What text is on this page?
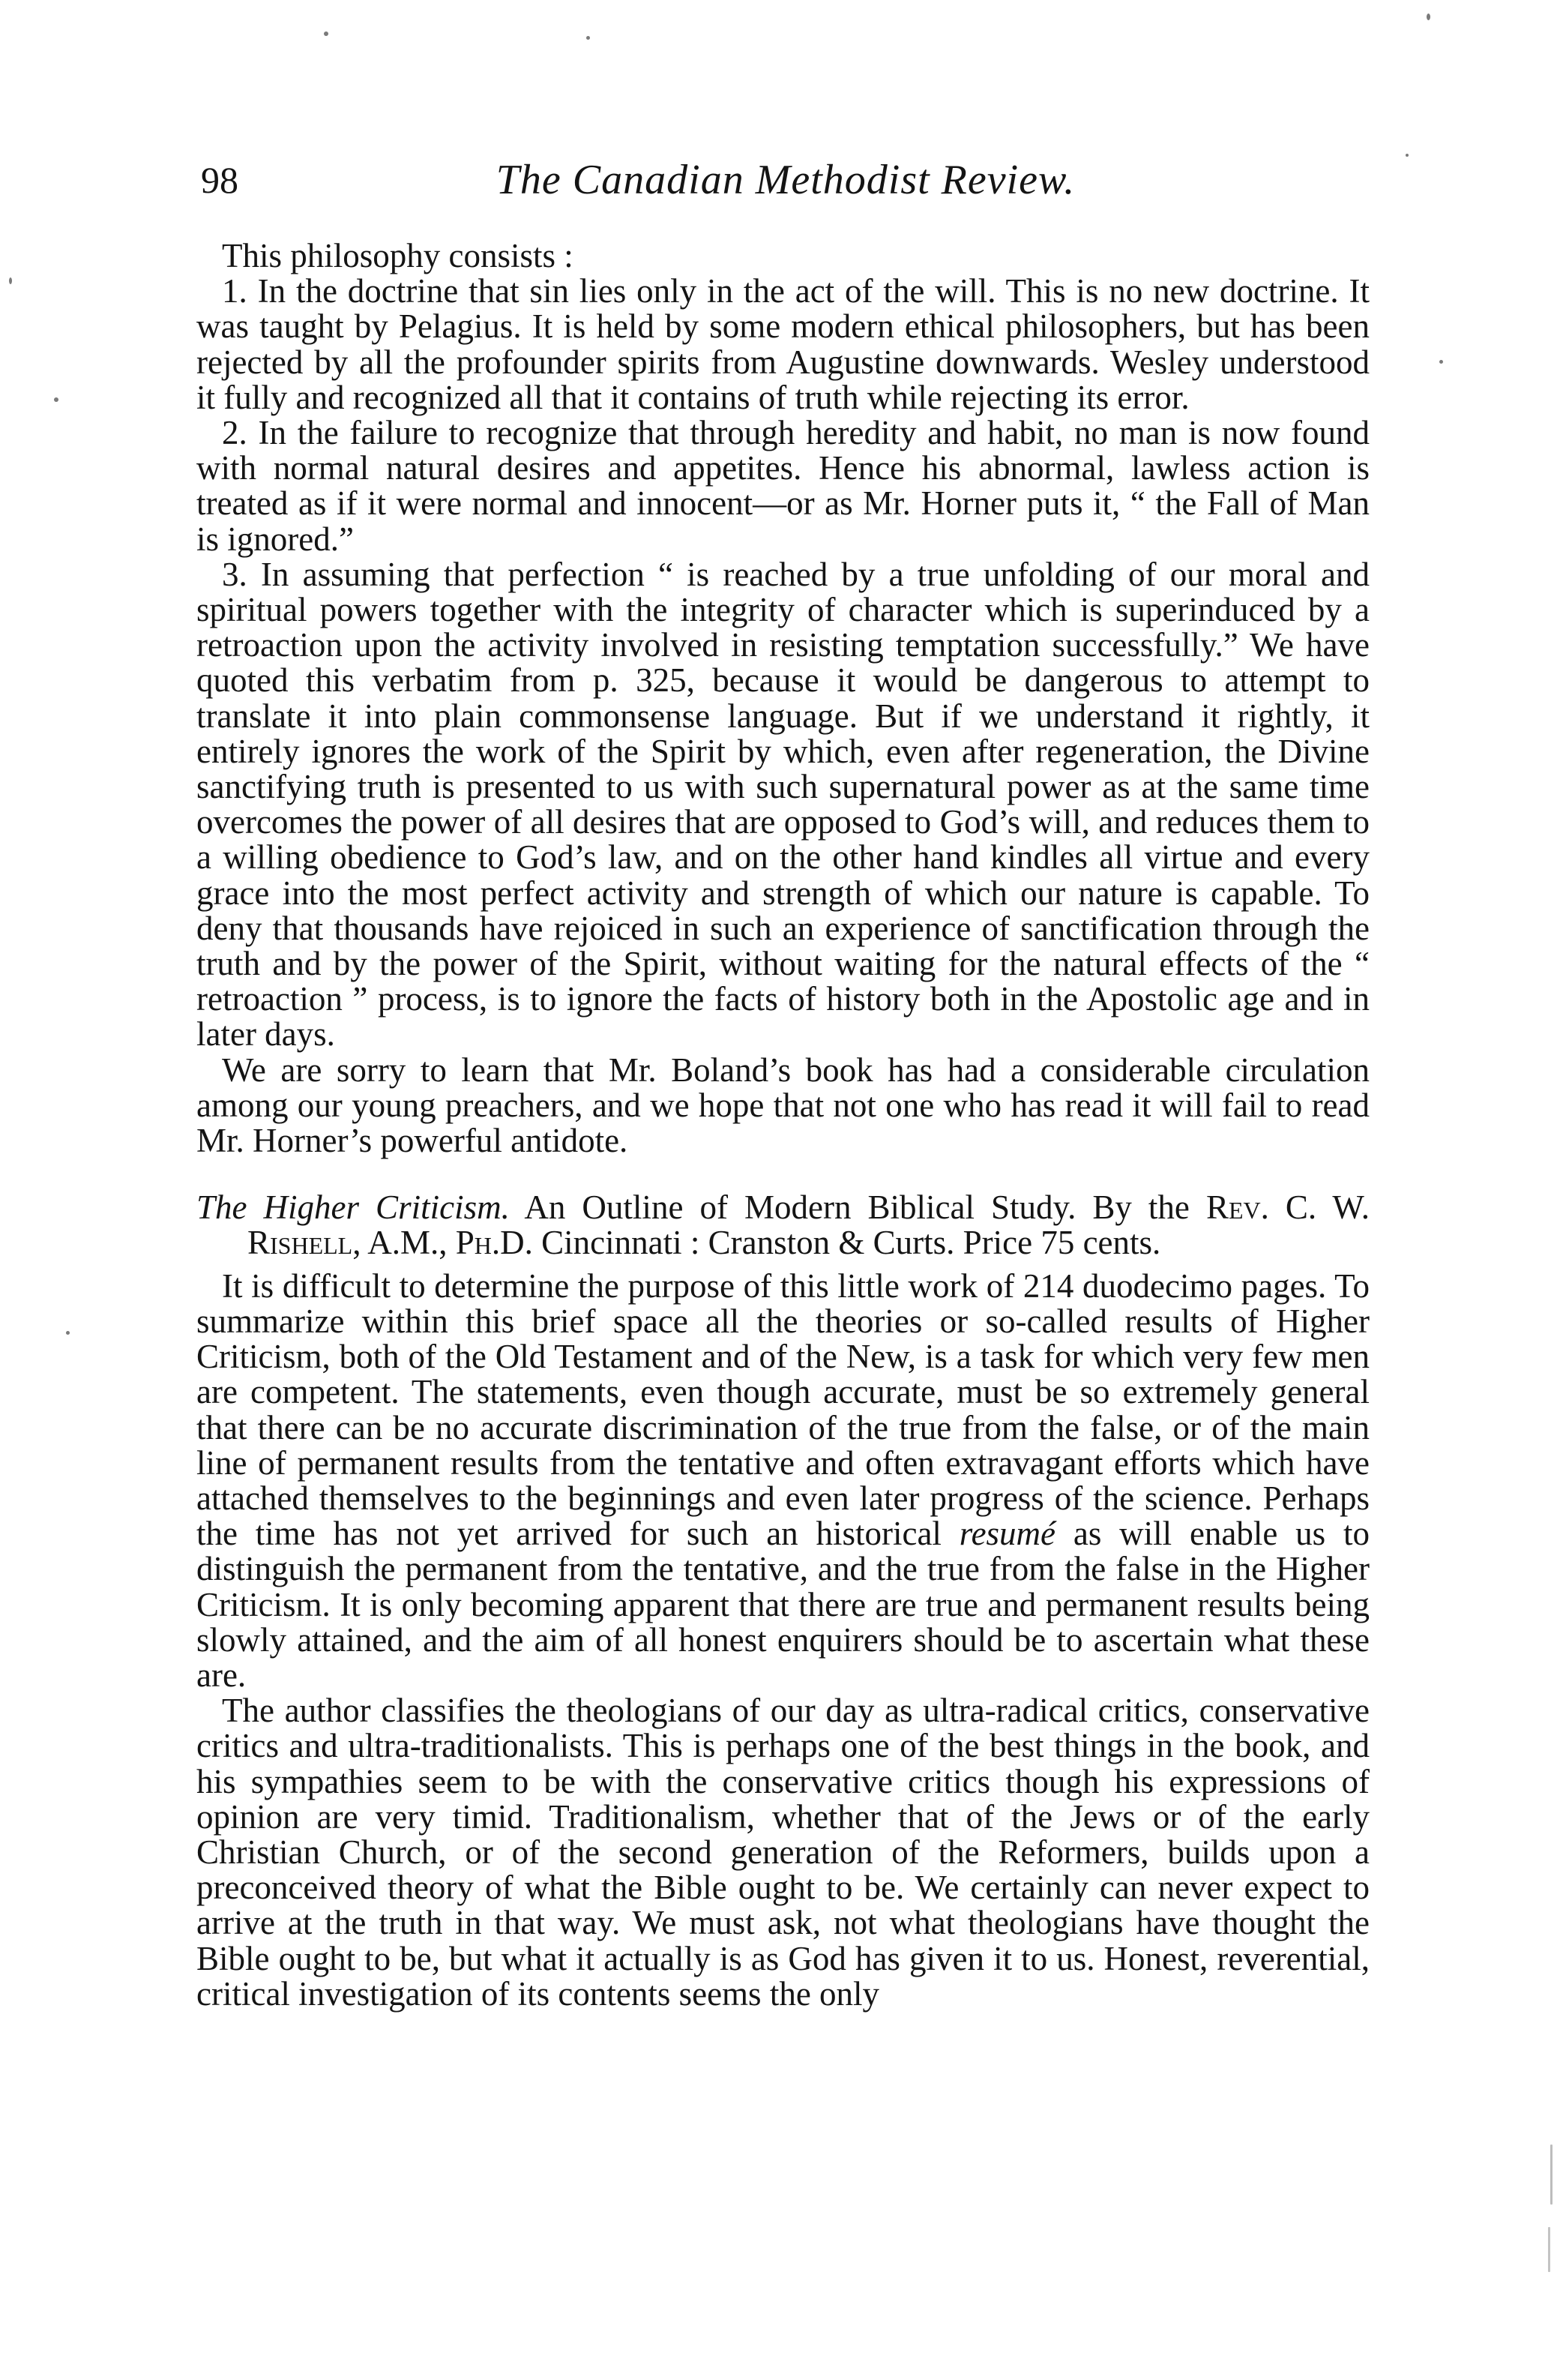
98	The Canadian Methodist Review.

This philosophy consists :

1. In the doctrine that sin lies only in the act of the will. This is no new doctrine. It was taught by Pelagius. It is held by some modern ethical philosophers, but has been rejected by all the profounder spirits from Augustine downwards. Wesley understood it fully and recognized all that it contains of truth while rejecting its error.

2. In the failure to recognize that through heredity and habit, no man is now found with normal natural desires and appetites. Hence his abnormal, lawless action is treated as if it were normal and innocent—or as Mr. Horner puts it, “ the Fall of Man is ignored.”

3. In assuming that perfection “ is reached by a true unfolding of our moral and spiritual powers together with the integrity of character which is superinduced by a retroaction upon the activity involved in resisting temptation successfully.” We have quoted this verbatim from p. 325, because it would be dangerous to attempt to translate it into plain commonsense language. But if we understand it rightly, it entirely ignores the work of the Spirit by which, even after regeneration, the Divine sanctifying truth is presented to us with such supernatural power as at the same time overcomes the power of all desires that are opposed to God’s will, and reduces them to a willing obedience to God’s law, and on the other hand kindles all virtue and every grace into the most perfect activity and strength of which our nature is capable. To deny that thousands have rejoiced in such an experience of sanctification through the truth and by the power of the Spirit, without waiting for the natural effects of the “ retroaction ” process, is to ignore the facts of history both in the Apostolic age and in later days.

We are sorry to learn that Mr. Boland’s book has had a considerable circulation among our young preachers, and we hope that not one who has read it will fail to read Mr. Horner’s powerful antidote.

The Higher Criticism. An Outline of Modern Biblical Study. By the Rev. C. W. Rishell, A.M., Ph.D. Cincinnati : Cranston & Curts. Price 75 cents.

It is difficult to determine the purpose of this little work of 214 duodecimo pages. To summarize within this brief space all the theories or so-called results of Higher Criticism, both of the Old Testament and of the New, is a task for which very few men are competent. The statements, even though accurate, must be so extremely general that there can be no accurate discrimination of the true from the false, or of the main line of permanent results from the tentative and often extravagant efforts which have attached themselves to the beginnings and even later progress of the science. Perhaps the time has not yet arrived for such an historical resumé as will enable us to distinguish the permanent from the tentative, and the true from the false in the Higher Criticism. It is only becoming apparent that there are true and permanent results being slowly attained, and the aim of all honest enquirers should be to ascertain what these are.

The author classifies the theologians of our day as ultra-radical critics, conservative critics and ultra-traditionalists. This is perhaps one of the best things in the book, and his sympathies seem to be with the conservative critics though his expressions of opinion are very timid. Traditionalism, whether that of the Jews or of the early Christian Church, or of the second generation of the Reformers, builds upon a preconceived theory of what the Bible ought to be. We certainly can never expect to arrive at the truth in that way. We must ask, not what theologians have thought the Bible ought to be, but what it actually is as God has given it to us. Honest, reverential, critical investigation of its contents seems the only
